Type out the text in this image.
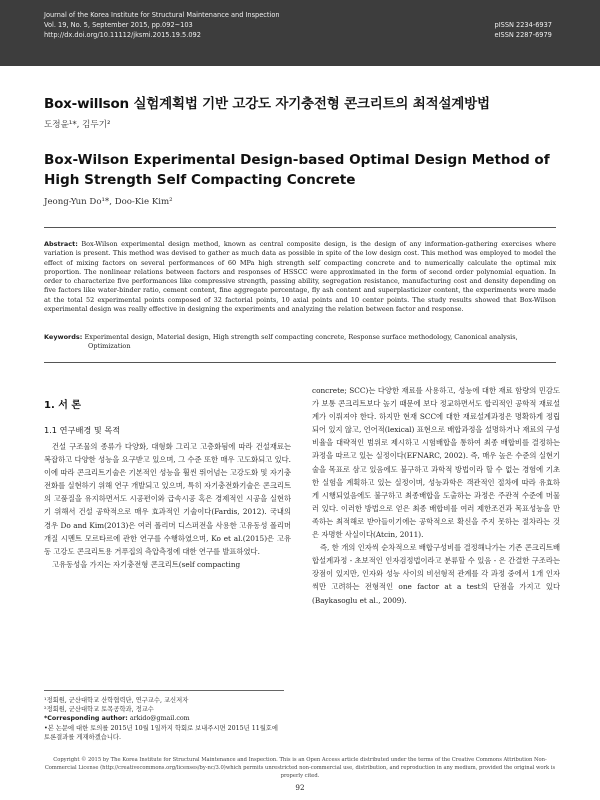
Journal of the Korea Institute for Structural Maintenance and Inspection
Vol. 19, No. 5, September 2015, pp.092~103
http://dx.doi.org/10.11112/jksmi.2015.19.5.092
pISSN 2234-6937
eISSN 2287-6979
Box-willson 실험계획법 기반 고강도 자기충전형 콘크리트의 최적설계방법
도정윤¹*, 김두기²
Box-Wilson Experimental Design-based Optimal Design Method of High Strength Self Compacting Concrete
Jeong-Yun Do¹*, Doo-Kie Kim²
Abstract: Box-Wilson experimental design method, known as central composite design, is the design of any information-gathering exercises where variation is present. This method was devised to gather as much data as possible in spite of the low design cost. This method was employed to model the effect of mixing factors on several performances of 60 MPa high strength self compacting concrete and to numerically calculate the optimal mix proportion. The nonlinear relations between factors and responses of HSSCC were approximated in the form of second order polynomial equation. In order to characterize five performances like compressive strength, passing ability, segregation resistance, manufacturing cost and density depending on five factors like water-binder ratio, cement content, fine aggregate percentage, fly ash content and superplasticizer content, the experiments were made at the total 52 experimental points composed of 32 factorial points, 10 axial points and 10 center points. The study results showed that Box-Wilson experimental design was really effective in designing the experiments and analyzing the relation between factor and response.
Keywords: Experimental design, Material design, High strength self compacting concrete, Response surface methodology, Canonical analysis, Optimization
1. 서 론
1.1 연구배경 및 목적

건설 구조물의 종류가 다양화, 대형화 그리고 고층화됨에 따라 건설재료는 복잡하고 다양한 성능을 요구받고 있으며, 그 수준 또한 매우 고도화되고 있다. 이에 따라 콘크리트기술은 기본적인 성능을 훨씬 뛰어넘는 고강도화 및 자기충전화를 실현하기 위해 연구 개발되고 있으며, 특히 자기충전화기술은 콘크리트의 고품질을 유지하면서도 시공편이와 급속시공 혹은 경제적인 시공을 실현하기 위해서 건설 공학적으로 매우 효과적인 기술이다(Fardis, 2012). 국내의 경우 Do and Kim(2013)은 여러 폴리머 디스퍼전을 사용한 고유동성 폴리머 개질 시멘트 모르타르에 관한 연구를 수행하였으며, Ko et al.(2015)은 고유동 고강도 콘크리트용 거푸집의 측압측정에 대한 연구를 발표하였다.

고유동성을 가지는 자기충전형 콘크리트(self compacting

concrete; SCC)는 다양한 재료를 사용하고, 성능에 대한 재료 함량의 민감도가 보통 콘크리트보다 높기 때문에 보다 정교하면서도 합리적인 공학적 재료설계가 이뤄져야 한다. 하지만 현재 SCC에 대한 재료설계과정은 명확하게 정립되어 있지 않고, 언어적(lexical) 표현으로 배합과정을 설명하거나 재료의 구성비율을 대략적인 범위로 제시하고 시험배합을 통하여 최종 배합비를 결정하는 과정을 따르고 있는 실정이다(EFNARC, 2002). 즉, 매우 높은 수준의 실현기술을 목표로 삼고 있음에도 불구하고 과학적 방법이라 할 수 없는 경험에 기초한 실험을 계획하고 있는 실정이며, 성능과학은 객관적인 절차에 따라 유효하게 시행되었음에도 불구하고 최종배합을 도출하는 과정은 주관적 수준에 머물러 있다. 이러한 방법으로 얻은 최종 배합비를 여러 제한조건과 목표성능을 만족하는 최적해로 받아들이기에는 공학적으로 확신을 주지 못하는 절차라는 것은 자명한 사실이다(Atcin, 2011).

즉, 한 개의 인자씩 순차적으로 배합구성비를 결정해나가는 기존 콘크리트배합설계과정 - 초보적인 인자검정법이라고 분류할 수 있음 - 은 간결한 구조라는 장점이 있지만, 인자와 성능 사이의 비선형적 관계를 각 과정 중에서 1개 인자씩만 고려하는 전형적인 one factor at a test의 단점을 가지고 있다(Baykasoglu et al., 2009).

¹정회원, 군산대학교 산학협력단, 연구교수, 교신저자
²정회원, 군산대학교 토목공학과, 정교수
*Corresponding author: arkido@gmail.com
•본 논문에 대한 토의를 2015년 10월 1일까지 학회로 보내주시면 2015년 11월호에 토론결과를 게재하겠습니다.
Copyright © 2015 by The Korea Institute for Structural Maintenance and Inspection. This is an Open Access article distributed under the terms of the Creative Commons Attribution Non-Commercial License (http://creativecommons.org/licenses/by-nc/3.0)which permits unrestricted non-commercial use, distribution, and reproduction in any medium, provided the original work is properly cited.
92
